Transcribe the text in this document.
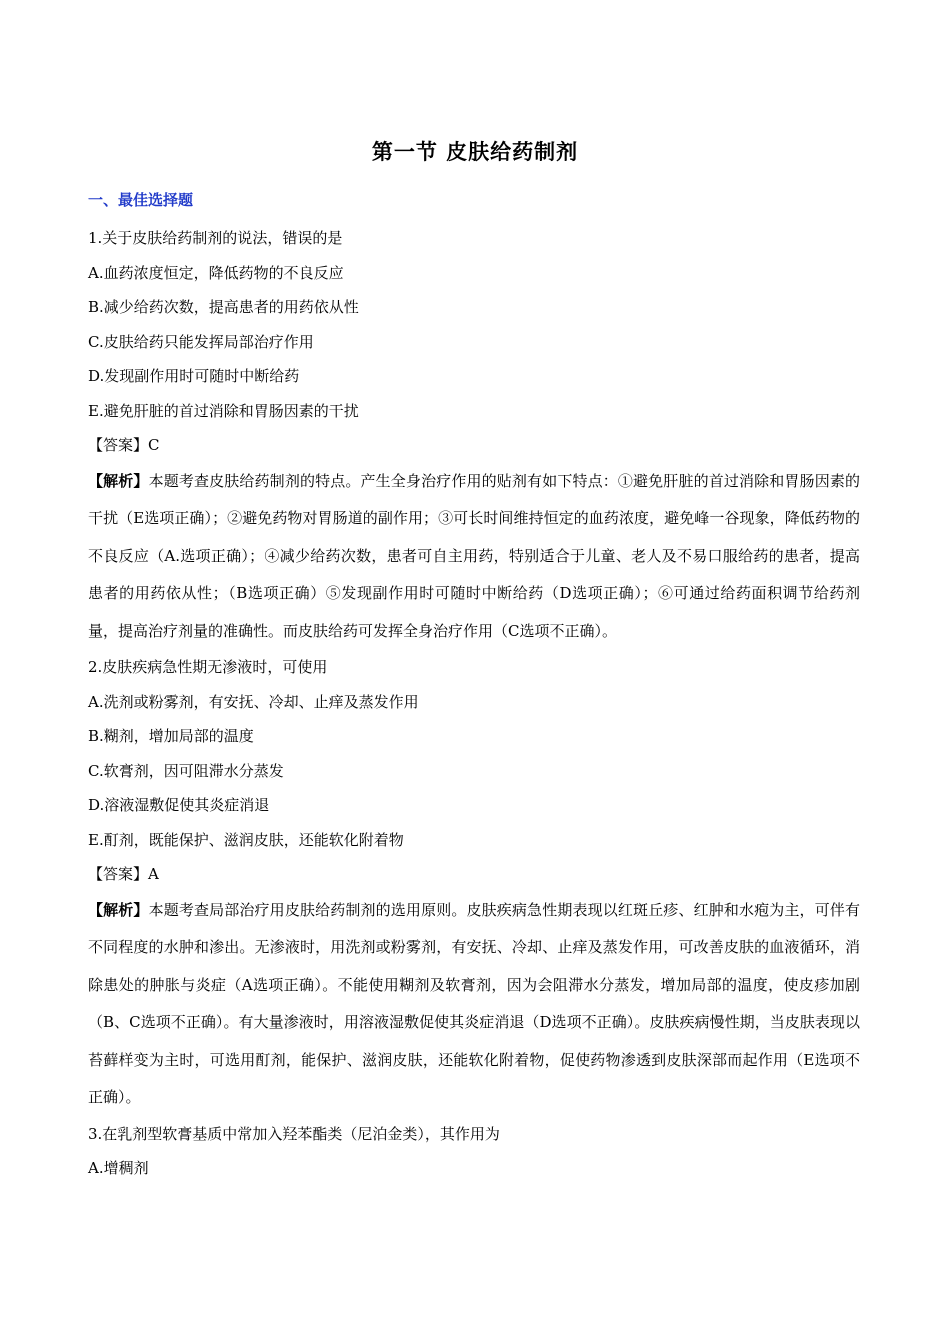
第一节 皮肤给药制剂
一、最佳选择题
1.关于皮肤给药制剂的说法，错误的是
A.血药浓度恒定，降低药物的不良反应
B.减少给药次数，提高患者的用药依从性
C.皮肤给药只能发挥局部治疗作用
D.发现副作用时可随时中断给药
E.避免肝脏的首过消除和胃肠因素的干扰
【答案】C

【解析】本题考查皮肤给药制剂的特点。产生全身治疗作用的贴剂有如下特点：①避免肝脏的首过消除和胃肠因素的干扰（E选项正确）；②避免药物对胃肠道的副作用；③可长时间维持恒定的血药浓度，避免峰一谷现象，降低药物的不良反应（A.选项正确）；④减少给药次数，患者可自主用药，特别适合于儿童、老人及不易口服给药的患者，提高患者的用药依从性；（B选项正确）⑤发现副作用时可随时中断给药（D选项正确）；⑥可通过给药面积调节给药剂量，提高治疗剂量的准确性。而皮肤给药可发挥全身治疗作用（C选项不正确）。

2.皮肤疾病急性期无渗液时，可使用
A.洗剂或粉雾剂，有安抚、冷却、止痒及蒸发作用
B.糊剂，增加局部的温度
C.软膏剂，因可阻滞水分蒸发
D.溶液湿敷促使其炎症消退
E.酊剂，既能保护、滋润皮肤，还能软化附着物
【答案】A

【解析】本题考查局部治疗用皮肤给药制剂的选用原则。皮肤疾病急性期表现以红斑丘疹、红肿和水疱为主，可伴有不同程度的水肿和渗出。无渗液时，用洗剂或粉雾剂，有安抚、冷却、止痒及蒸发作用，可改善皮肤的血液循环，消除患处的肿胀与炎症（A选项正确）。不能使用糊剂及软膏剂，因为会阻滞水分蒸发，增加局部的温度，使皮疹加剧（B、C选项不正确）。有大量渗液时，用溶液湿敷促使其炎症消退（D选项不正确）。皮肤疾病慢性期，当皮肤表现以苔藓样变为主时，可选用酊剂，能保护、滋润皮肤，还能软化附着物，促使药物渗透到皮肤深部而起作用（E选项不正确）。

3.在乳剂型软膏基质中常加入羟苯酯类（尼泊金类），其作用为
A.增稠剂
